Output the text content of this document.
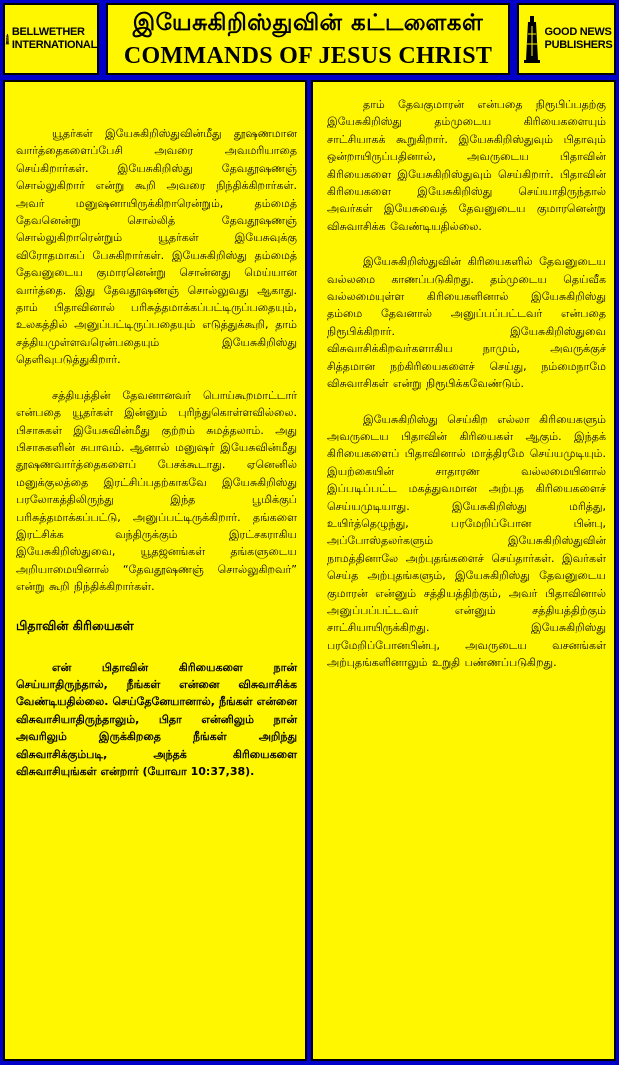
BELLWETHER
INTERNATIONAL
இயேசுகிறிஸ்துவின் கட்டளைகள்
COMMANDS OF JESUS CHRIST
GOOD NEWS
PUBLISHERS

யூதர்கள் இயேசுகிறிஸ்துவின்மீது தூஷணமான வார்த்தைகளைப்பேசி அவரை அவமரியாதை செய்கிறார்கள். இயேசுகிறிஸ்து தேவதூஷணஞ் சொல்லுகிறார் என்று கூறி அவரை நிந்திக்கிறார்கள். அவர் மனுஷனாயிருக்கிறாரென்றும், தம்மைத் தேவனென்று சொல்லித் தேவதூஷணஞ் சொல்லுகிறாரென்றும் யூதர்கள் இயேசுவுக்கு விரோதமாகப் பேசுகிறார்கள். இயேசுகிறிஸ்து தம்மைத் தேவனுடைய குமாரனென்று சொன்னது மெய்யான வார்த்தை. இது தேவதூஷணஞ் சொல்லுவது ஆகாது. தாம் பிதாவினால் பரிசுத்தமாக்கப்பட்டிருப்பதையும், உலகத்தில் அனுப்பட்டிருப்பதையும் எடுத்துக்கூறி, தாம் சத்தியமுள்ளவரென்பதையும் இயேசுகிறிஸ்து தெளிவுபடுத்துகிறார்.

சத்தியத்தின் தேவனானவர் பொய்கூறமாட்டார் என்பதை யூதர்கள் இன்னும் புரிந்துகொள்ளவில்லை. பிசாசுகள் இயேசுவின்மீது குற்றம் சுமத்தலாம். அது பிசாசுகளின் சுபாவம். ஆனால் மனுஷர் இயேசுவின்மீது தூஷணவார்த்தைகளைப் பேசக்கூடாது. ஏனெனில் மனுக்குலத்தை இரட்சிப்பதற்காகவே இயேசுகிறிஸ்து பரலோகத்திலிருந்து இந்த பூமிக்குப் பரிசுத்தமாக்கப்பட்டு, அனுப்பட்டிருக்கிறார். தங்களை இரட்சிக்க வந்திருக்கும் இரட்சகராகிய இயேசுகிறிஸ்துவை, யூதஜனங்கள் தங்களுடைய அறியாமையினால் “தேவதூஷணஞ் சொல்லுகிறவர்” என்று கூறி நிந்திக்கிறார்கள்.

பிதாவின் கிரியைகள்

என் பிதாவின் கிரியைகளை நான் செய்யாதிருந்தால், நீங்கள் என்னை விசுவாசிக்க வேண்டியதில்லை. செய்தேனேயானால், நீங்கள் என்னை விசுவாசியாதிருந்தாலும், பிதா என்னிலும் நான் அவரிலும் இருக்கிறதை நீங்கள் அறிந்து விசுவாசிக்கும்படி, அந்தக் கிரியைகளை விசுவாசியுங்கள் என்றார் (யோவா 10:37,38).

தாம் தேவகுமாரன் என்பதை நிரூபிப்பதற்கு இயேசுகிறிஸ்து தம்முடைய கிரியைகளையும் சாட்சியாகக் கூறுகிறார். இயேசுகிறிஸ்துவும் பிதாவும் ஒன்றாயிருப்பதினால், அவருடைய பிதாவின் கிரியைகளை இயேசுகிறிஸ்துவும் செய்கிறார். பிதாவின் கிரியைகளை இயேசுகிறிஸ்து செய்யாதிருந்தால் அவர்கள் இயேசுவைத் தேவனுடைய குமாரனென்று விசுவாசிக்க வேண்டியதில்லை.

இயேசுகிறிஸ்துவின் கிரியைகளில் தேவனுடைய வல்லமை காணப்படுகிறது. தம்முடைய தெய்வீக வல்லமையுள்ள கிரியைகளினால் இயேசுகிறிஸ்து தம்மை தேவனால் அனுப்பப்பட்டவர் என்பதை நிரூபிக்கிறார். இயேசுகிறிஸ்துவை விசுவாசிக்கிறவர்களாகிய நாமும், அவருக்குச் சித்தமான நற்கிரியைகளைச் செய்து, நம்மைநாமே விசுவாசிகள் என்று நிரூபிக்கவேண்டும்.

இயேசுகிறிஸ்து செய்கிற எல்லா கிரியைகளும் அவருடைய பிதாவின் கிரியைகள் ஆகும். இந்தக் கிரியைகளைப் பிதாவினால் மாத்திரமே செய்யமுடியும். இயற்கையின் சாதாரண வல்லமையினால் இப்படிப்பட்ட மகத்துவமான அற்புத கிரியைகளைச் செய்யமுடியாது. இயேசுகிறிஸ்து மரித்து, உயிர்த்தெழுந்து, பரமேறிப்போன பின்பு, அப்போஸ்தலர்களும் இயேசுகிறிஸ்துவின் நாமத்தினாலே அற்புதங்களைச் செய்தார்கள். இவர்கள் செய்த அற்புதங்களும், இயேசுகிறிஸ்து தேவனுடைய குமாரன் என்னும் சத்தியத்திற்கும், அவர் பிதாவினால் அனுப்பப்பட்டவர் என்னும் சத்தியத்திற்கும் சாட்சியாயிருக்கிறது. இயேசுகிறிஸ்து பரமேறிப்போனபின்பு, அவருடைய வசனங்கள் அற்புதங்களினாலும் உறுதி பண்ணப்படுகிறது.
